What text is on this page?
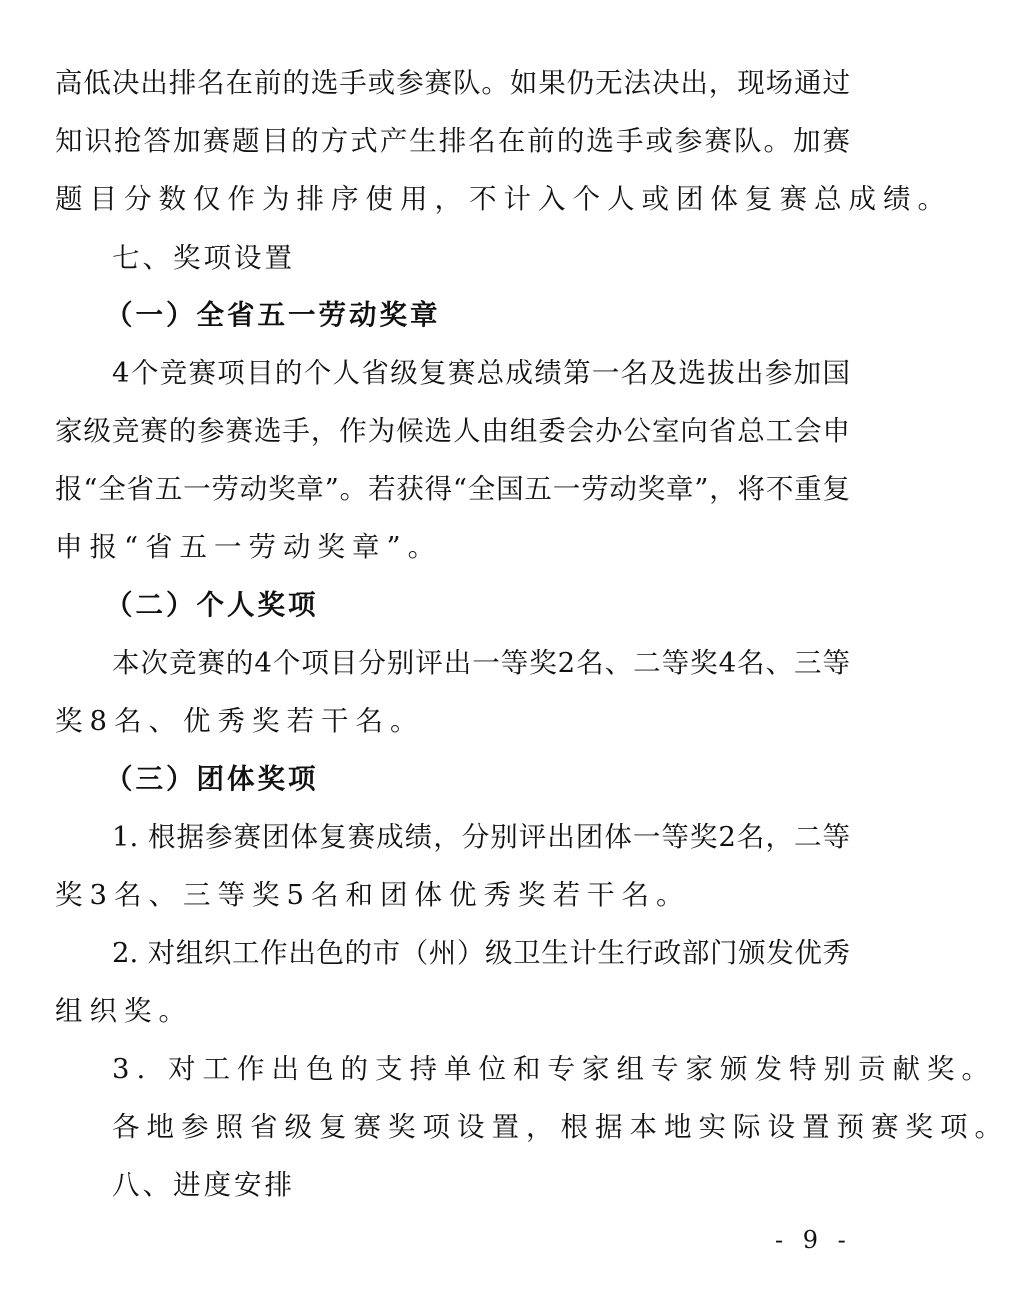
高低决出排名在前的选手或参赛队。如果仍无法决出，现场通过
知识抢答加赛题目的方式产生排名在前的选手或参赛队。加赛
题目分数仅作为排序使用，不计入个人或团体复赛总成绩。
七、奖项设置
（一）全省五一劳动奖章
4个竞赛项目的个人省级复赛总成绩第一名及选拔出参加国
家级竞赛的参赛选手，作为候选人由组委会办公室向省总工会申
报“全省五一劳动奖章”。若获得“全国五一劳动奖章”，将不重复
申报“省五一劳动奖章”。
（二）个人奖项
本次竞赛的4个项目分别评出一等奖2名、二等奖4名、三等
奖8名、优秀奖若干名。
（三）团体奖项
1. 根据参赛团体复赛成绩，分别评出团体一等奖2名，二等
奖3名、三等奖5名和团体优秀奖若干名。
2. 对组织工作出色的市（州）级卫生计生行政部门颁发优秀
组织奖。
3. 对工作出色的支持单位和专家组专家颁发特别贡献奖。
各地参照省级复赛奖项设置，根据本地实际设置预赛奖项。
八、进度安排
- 9 -
